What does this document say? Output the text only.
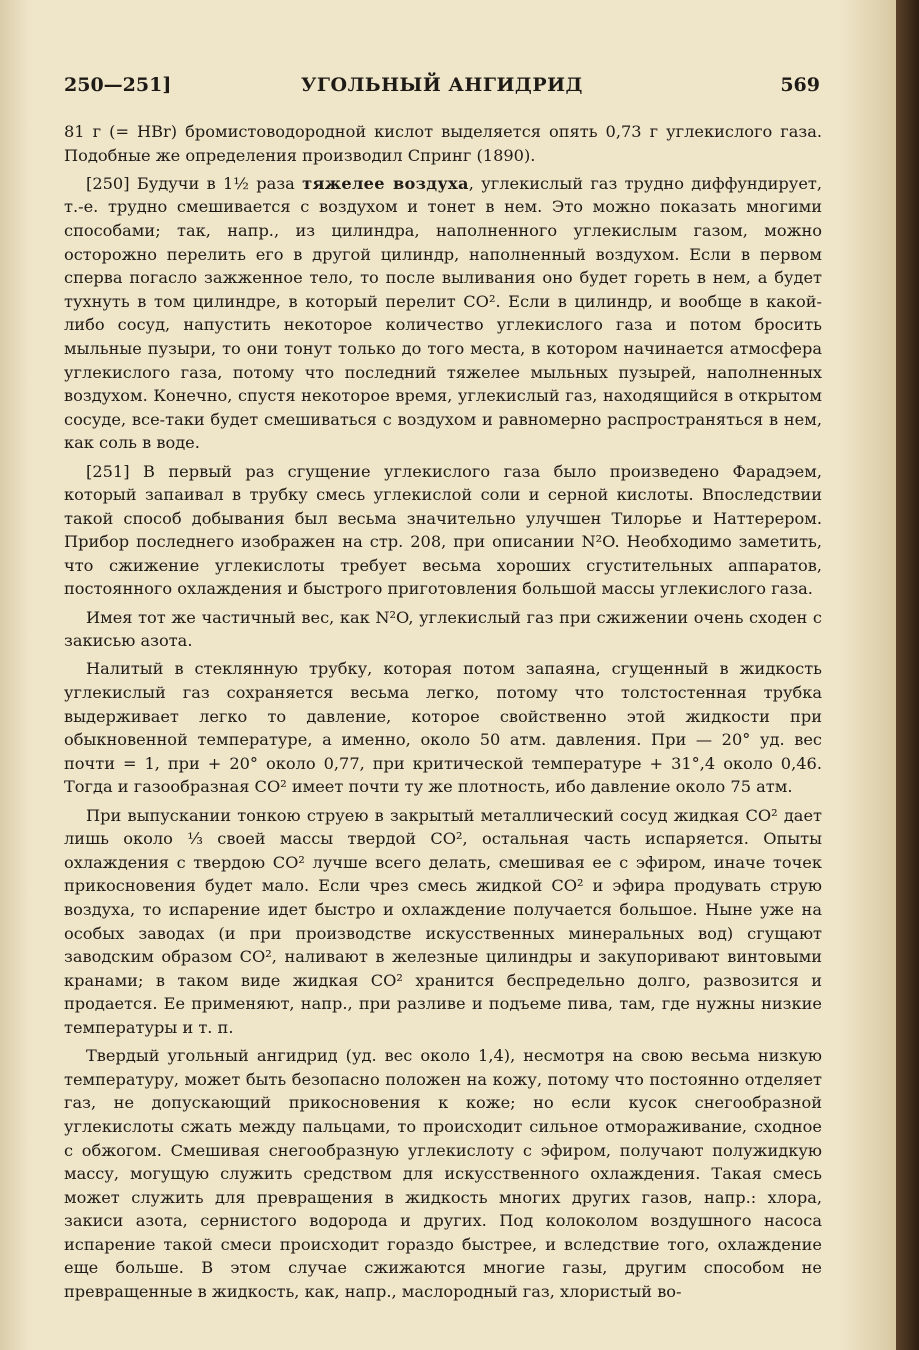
250—251]	УГОЛЬНЫЙ АНГИДРИД	569

81 г (= HBr) бромистоводородной кислот выделяется опять 0,73 г углекислого газа. Подобные же определения производил Спринг (1890).

[250] Будучи в 1½ раза тяжелее воздуха, углекислый газ трудно диффундирует, т.-е. трудно смешивается с воздухом и тонет в нем. Это можно показать многими способами; так, напр., из цилиндра, наполненного углекислым газом, можно осторожно перелить его в другой цилиндр, наполненный воздухом. Если в первом сперва погасло зажженное тело, то после выливания оно будет гореть в нем, а будет тухнуть в том цилиндре, в который перелит CO². Если в цилиндр, и вообще в какой-либо сосуд, напустить некоторое количество углекислого газа и потом бросить мыльные пузыри, то они тонут только до того места, в котором начинается атмосфера углекислого газа, потому что последний тяжелее мыльных пузырей, наполненных воздухом. Конечно, спустя некоторое время, углекислый газ, находящийся в открытом сосуде, все-таки будет смешиваться с воздухом и равномерно распространяться в нем, как соль в воде.

[251] В первый раз сгущение углекислого газа было произведено Фарадэем, который запаивал в трубку смесь углекислой соли и серной кислоты. Впоследствии такой способ добывания был весьма значительно улучшен Тилорье и Наттерером. Прибор последнего изображен на стр. 208, при описании N²O. Необходимо заметить, что сжижение углекислоты требует весьма хороших сгустительных аппаратов, постоянного охлаждения и быстрого приготовления большой массы углекислого газа.

Имея тот же частичный вес, как N²O, углекислый газ при сжижении очень сходен с закисью азота.

Налитый в стеклянную трубку, которая потом запаяна, сгущенный в жидкость углекислый газ сохраняется весьма легко, потому что толстостенная трубка выдерживает легко то давление, которое свойственно этой жидкости при обыкновенной температуре, а именно, около 50 атм. давления. При — 20° уд. вес почти = 1, при + 20° около 0,77, при критической температуре + 31°,4 около 0,46. Тогда и газообразная CO² имеет почти ту же плотность, ибо давление около 75 атм.

При выпускании тонкою струею в закрытый металлический сосуд жидкая CO² дает лишь около ⅓ своей массы твердой CO², остальная часть испаряется. Опыты охлаждения с твердою CO² лучше всего делать, смешивая ее с эфиром, иначе точек прикосновения будет мало. Если чрез смесь жидкой CO² и эфира продувать струю воздуха, то испарение идет быстро и охлаждение получается большое. Ныне уже на особых заводах (и при производстве искусственных минеральных вод) сгущают заводским образом CO², наливают в железные цилиндры и закупоривают винтовыми кранами; в таком виде жидкая CO² хранится беспредельно долго, развозится и продается. Ее применяют, напр., при разливе и подъеме пива, там, где нужны низкие температуры и т. п.

Твердый угольный ангидрид (уд. вес около 1,4), несмотря на свою весьма низкую температуру, может быть безопасно положен на кожу, потому что постоянно отделяет газ, не допускающий прикосновения к коже; но если кусок снегообразной углекислоты сжать между пальцами, то происходит сильное отмораживание, сходное с обжогом. Смешивая снегообразную углекислоту с эфиром, получают полужидкую массу, могущую служить средством для искусственного охлаждения. Такая смесь может служить для превращения в жидкость многих других газов, напр.: хлора, закиси азота, сернистого водорода и других. Под колоколом воздушного насоса испарение такой смеси происходит гораздо быстрее, и вследствие того, охлаждение еще больше. В этом случае сжижаются многие газы, другим способом не превращенные в жидкость, как, напр., маслородный газ, хлористый во-
